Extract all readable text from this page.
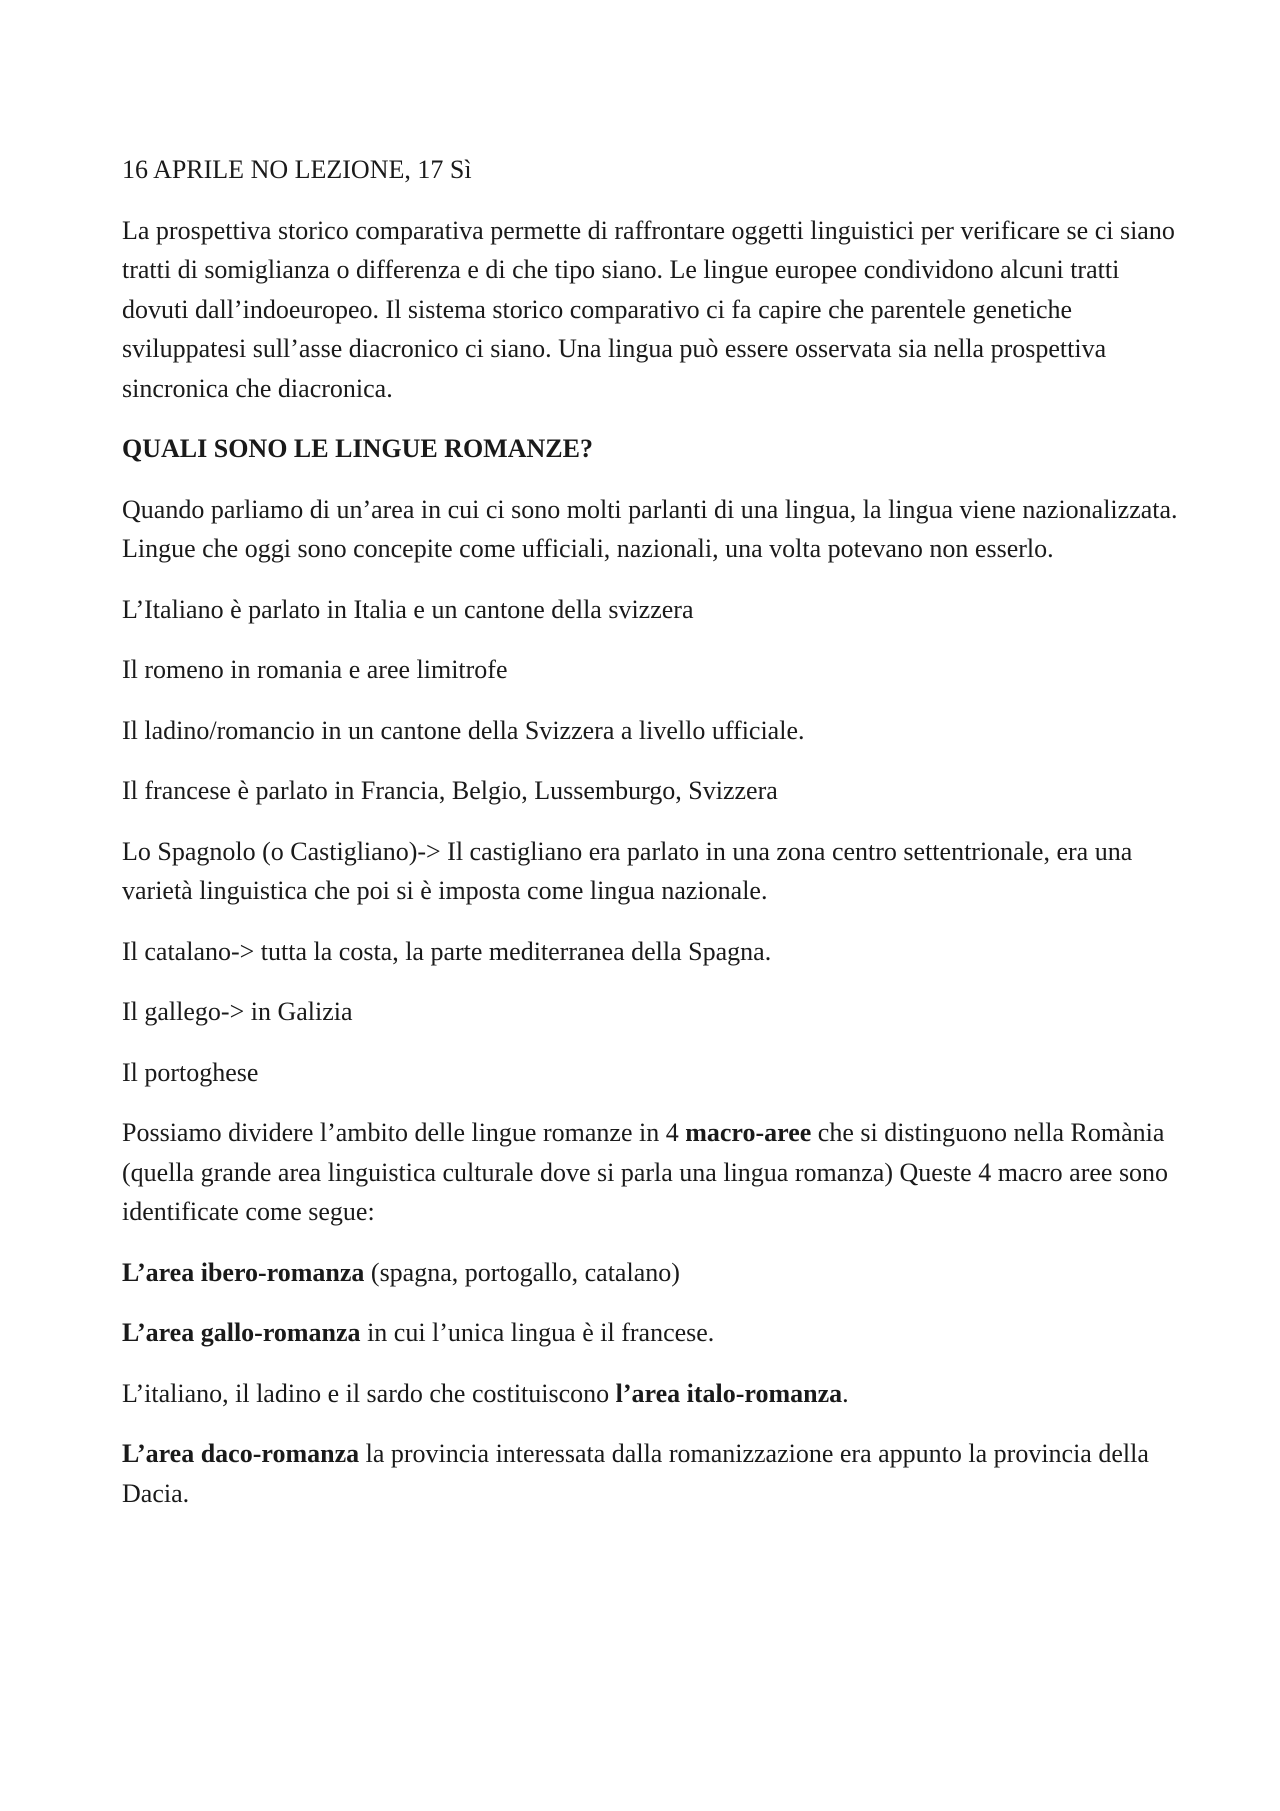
16 APRILE NO LEZIONE, 17 Sì

La prospettiva storico comparativa permette di raffrontare oggetti linguistici per verificare se ci siano tratti di somiglianza o differenza e di che tipo siano. Le lingue europee condividono alcuni tratti dovuti dall’indoeuropeo. Il sistema storico comparativo ci fa capire che parentele genetiche sviluppatesi sull’asse diacronico ci siano. Una lingua può essere osservata sia nella prospettiva sincronica che diacronica.

QUALI SONO LE LINGUE ROMANZE?

Quando parliamo di un’area in cui ci sono molti parlanti di una lingua, la lingua viene nazionalizzata. Lingue che oggi sono concepite come ufficiali, nazionali, una volta potevano non esserlo.

L’Italiano è parlato in Italia e un cantone della svizzera

Il romeno in romania e aree limitrofe

Il ladino/romancio in un cantone della Svizzera a livello ufficiale.

Il francese è parlato in Francia, Belgio, Lussemburgo, Svizzera

Lo Spagnolo (o Castigliano)-> Il castigliano era parlato in una zona centro settentrionale, era una varietà linguistica che poi si è imposta come lingua nazionale.

Il catalano-> tutta la costa, la parte mediterranea della Spagna.

Il gallego-> in Galizia

Il portoghese

Possiamo dividere l’ambito delle lingue romanze in 4 macro-aree che si distinguono nella Romània (quella grande area linguistica culturale dove si parla una lingua romanza) Queste 4 macro aree sono identificate come segue:

L’area ibero-romanza (spagna, portogallo, catalano)

L’area gallo-romanza in cui l’unica lingua è il francese.

L’italiano, il ladino e il sardo che costituiscono l’area italo-romanza.

L’area daco-romanza la provincia interessata dalla romanizzazione era appunto la provincia della Dacia.
